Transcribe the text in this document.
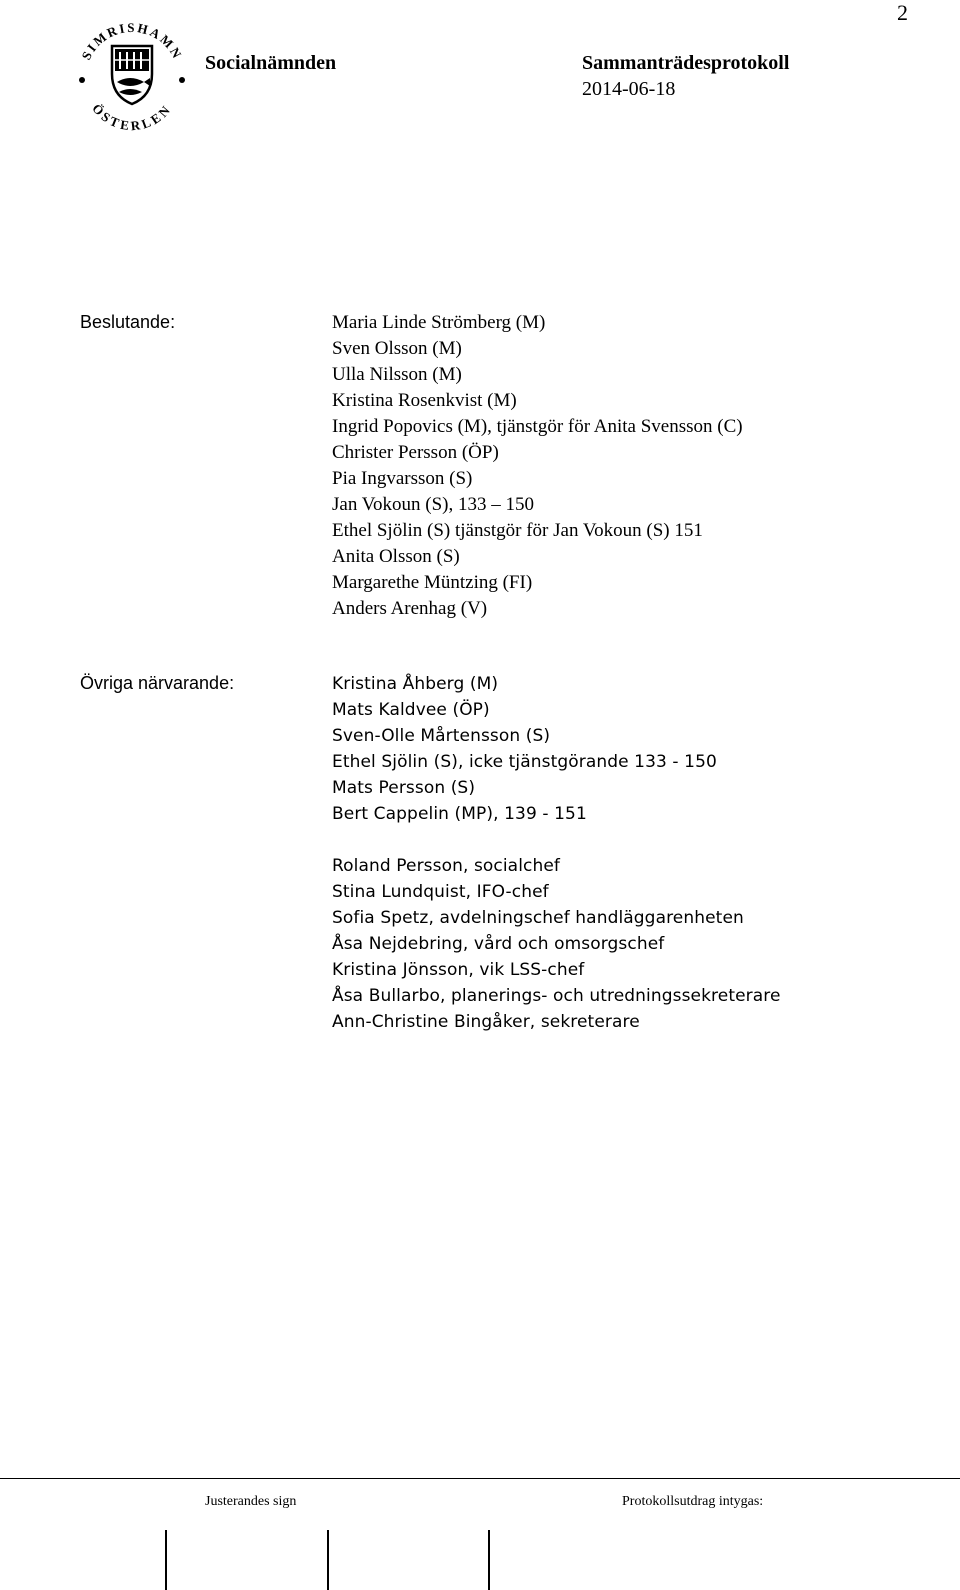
2
SIMRISHAMN
ÖSTERLEN
Socialnämnden	Sammanträdesprotokoll
2014-06-18
Beslutande:	Maria Linde Strömberg (M)
Sven Olsson (M)
Ulla Nilsson (M)
Kristina Rosenkvist (M)
Ingrid Popovics (M), tjänstgör för Anita Svensson (C)
Christer Persson (ÖP)
Pia Ingvarsson (S)
Jan Vokoun (S), 133 – 150
Ethel Sjölin (S) tjänstgör för Jan Vokoun (S) 151
Anita Olsson (S)
Margarethe Müntzing (FI)
Anders Arenhag (V)
Övriga närvarande:	Kristina Åhberg (M)
Mats Kaldvee (ÖP)
Sven-Olle Mårtensson (S)
Ethel Sjölin (S), icke tjänstgörande 133 - 150
Mats Persson (S)
Bert Cappelin (MP), 139 - 151
Roland Persson, socialchef
Stina Lundquist, IFO-chef
Sofia Spetz, avdelningschef handläggarenheten
Åsa Nejdebring, vård och omsorgschef
Kristina Jönsson, vik LSS-chef
Åsa Bullarbo, planerings- och utredningssekreterare
Ann-Christine Bingåker, sekreterare
Justerandes sign	Protokollsutdrag intygas:
